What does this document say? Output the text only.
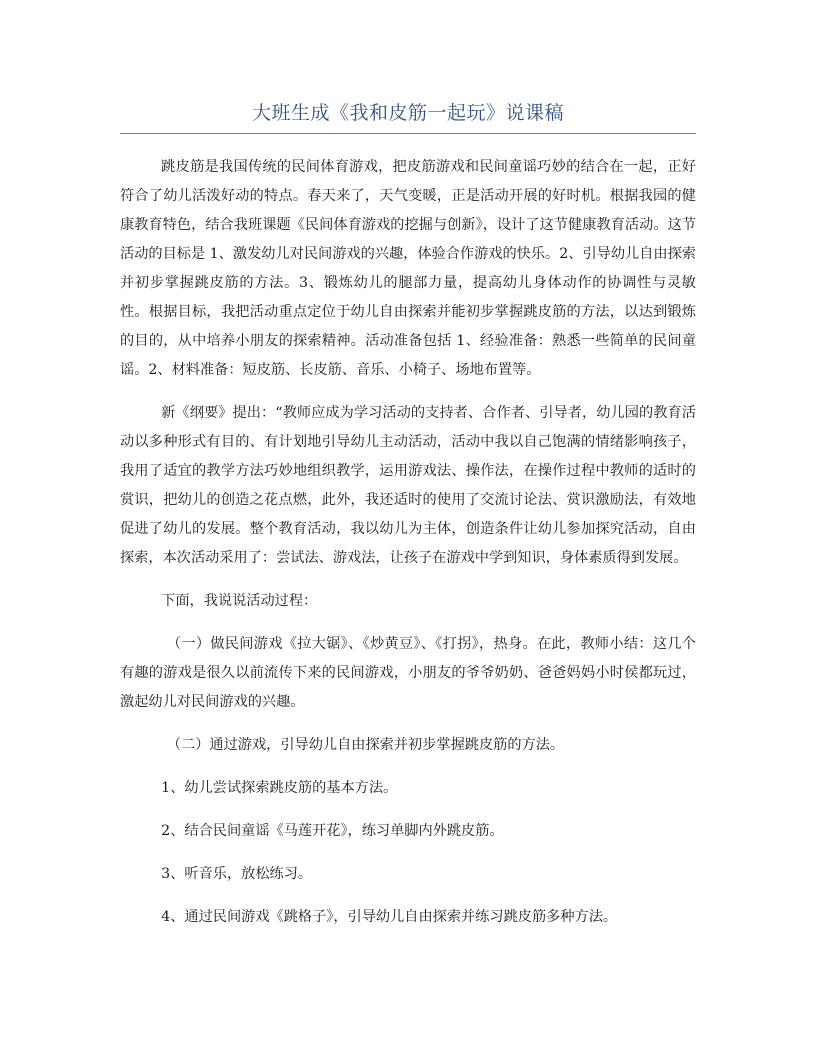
大班生成《我和皮筋一起玩》说课稿

跳皮筋是我国传统的民间体育游戏，把皮筋游戏和民间童谣巧妙的结合在一起，正好符合了幼儿活泼好动的特点。春天来了，天气变暖，正是活动开展的好时机。根据我园的健康教育特色，结合我班课题《民间体育游戏的挖掘与创新》，设计了这节健康教育活动。这节活动的目标是 1、激发幼儿对民间游戏的兴趣，体验合作游戏的快乐。2、引导幼儿自由探索并初步掌握跳皮筋的方法。3、锻炼幼儿的腿部力量，提高幼儿身体动作的协调性与灵敏性。根据目标，我把活动重点定位于幼儿自由探索并能初步掌握跳皮筋的方法，以达到锻炼的目的，从中培养小朋友的探索精神。活动准备包括 1、经验准备：熟悉一些简单的民间童谣。2、材料准备：短皮筋、长皮筋、音乐、小椅子、场地布置等。

新《纲要》提出：“教师应成为学习活动的支持者、合作者、引导者，幼儿园的教育活动以多种形式有目的、有计划地引导幼儿主动活动，活动中我以自己饱满的情绪影响孩子，我用了适宜的教学方法巧妙地组织教学，运用游戏法、操作法，在操作过程中教师的适时的赏识，把幼儿的创造之花点燃，此外，我还适时的使用了交流讨论法、赏识激励法，有效地促进了幼儿的发展。整个教育活动，我以幼儿为主体，创造条件让幼儿参加探究活动，自由探索，本次活动采用了：尝试法、游戏法，让孩子在游戏中学到知识，身体素质得到发展。

下面，我说说活动过程：

（一）做民间游戏《拉大锯》、《炒黄豆》、《打拐》，热身。在此，教师小结：这几个有趣的游戏是很久以前流传下来的民间游戏，小朋友的爷爷奶奶、爸爸妈妈小时侯都玩过，激起幼儿对民间游戏的兴趣。

（二）通过游戏，引导幼儿自由探索并初步掌握跳皮筋的方法。

1、幼儿尝试探索跳皮筋的基本方法。

2、结合民间童谣《马莲开花》，练习单脚内外跳皮筋。

3、听音乐，放松练习。

4、通过民间游戏《跳格子》，引导幼儿自由探索并练习跳皮筋多种方法。
